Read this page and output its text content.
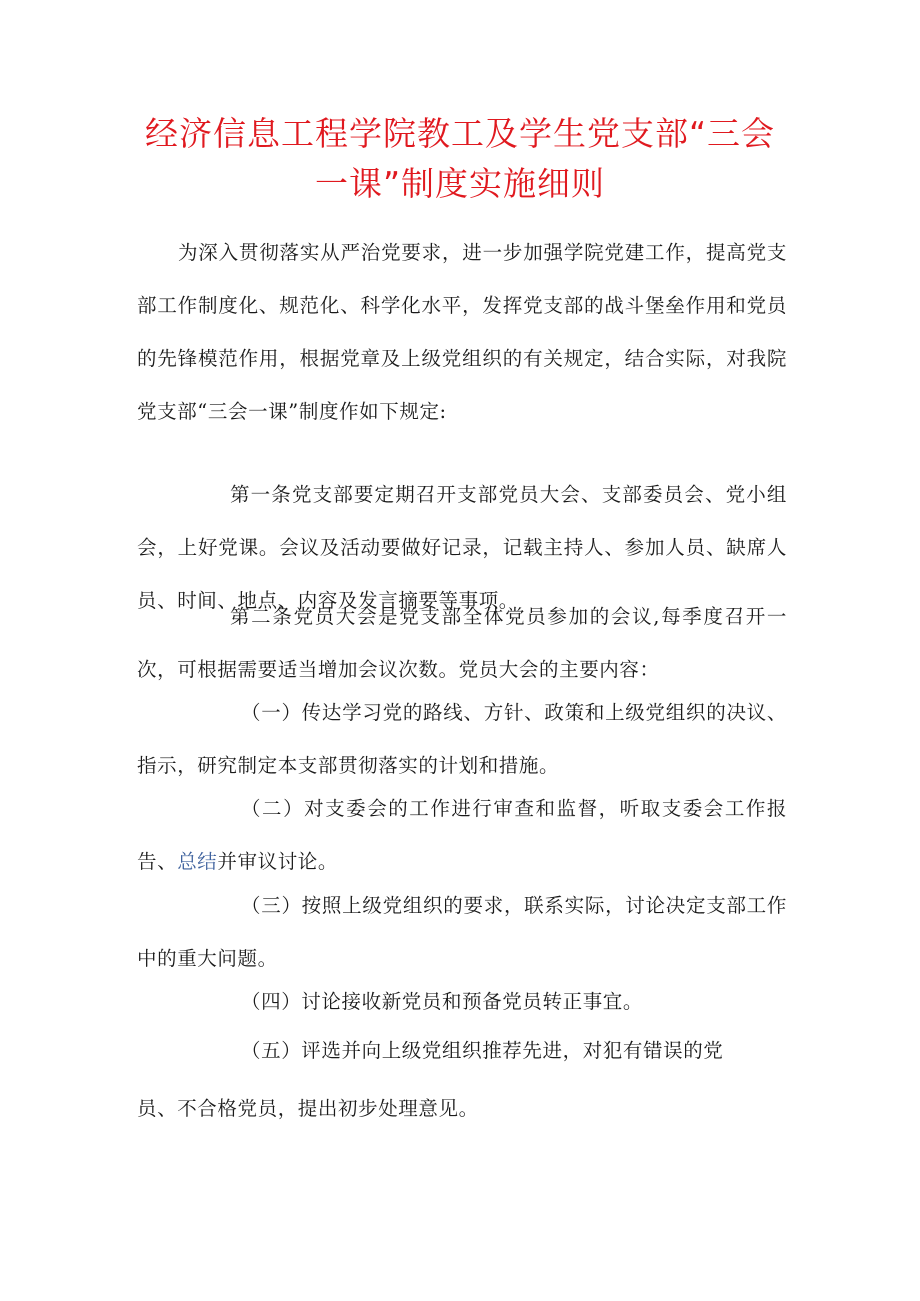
经济信息工程学院教工及学生党支部“三会
一课”制度实施细则

为深入贯彻落实从严治党要求，进一步加强学院党建工作，提高党支部工作制度化、规范化、科学化水平，发挥党支部的战斗堡垒作用和党员的先锋模范作用，根据党章及上级党组织的有关规定，结合实际，对我院党支部“三会一课”制度作如下规定:

第一条党支部要定期召开支部党员大会、支部委员会、党小组会，上好党课。会议及活动要做好记录，记载主持人、参加人员、缺席人员、时间、地点、内容及发言摘要等事项。

第二条党员大会是党支部全体党员参加的会议,每季度召开一次，可根据需要适当增加会议次数。党员大会的主要内容：

（一）传达学习党的路线、方针、政策和上级党组织的决议、指示，研究制定本支部贯彻落实的计划和措施。

（二）对支委会的工作进行审查和监督，听取支委会工作报告、总结并审议讨论。

（三）按照上级党组织的要求，联系实际，讨论决定支部工作中的重大问题。

（四）讨论接收新党员和预备党员转正事宜。

（五）评选并向上级党组织推荐先进，对犯有错误的党

员、不合格党员，提出初步处理意见。
